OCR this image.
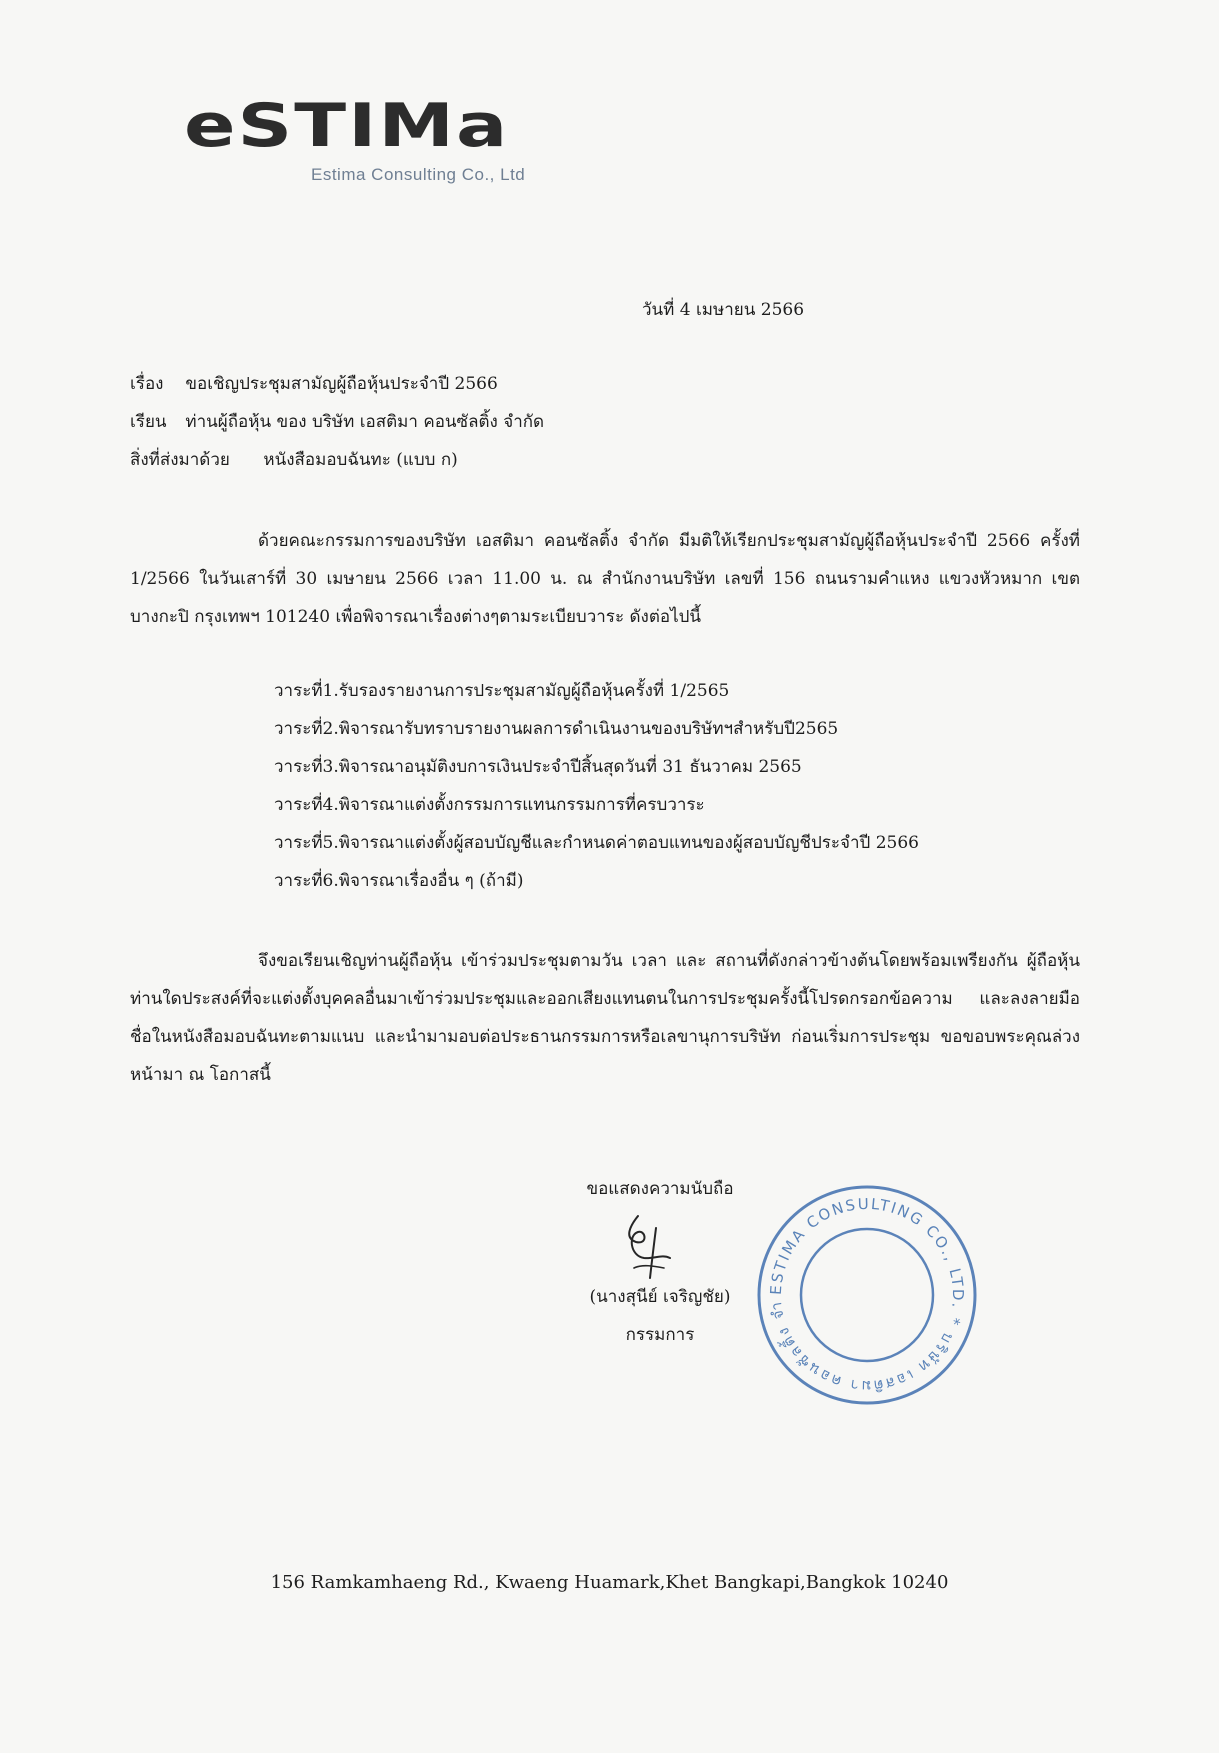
eSTIMa
Estima Consulting Co., Ltd
วันที่ 4 เมษายน 2566
เรื่อง ขอเชิญประชุมสามัญผู้ถือหุ้นประจำปี 2566
เรียน ท่านผู้ถือหุ้น ของ บริษัท เอสติมา คอนซัลติ้ง จำกัด
สิ่งที่ส่งมาด้วย หนังสือมอบฉันทะ (แบบ ก)

ด้วยคณะกรรมการของบริษัท เอสติมา คอนซัลติ้ง จำกัด มีมติให้เรียกประชุมสามัญผู้ถือหุ้นประจำปี 2566 ครั้งที่ 1/2566 ในวันเสาร์ที่ 30 เมษายน 2566 เวลา 11.00 น. ณ สำนักงานบริษัท เลขที่ 156 ถนนรามคำแหง แขวงหัวหมาก เขตบางกะปิ กรุงเทพฯ 101240 เพื่อพิจารณาเรื่องต่างๆตามระเบียบวาระ ดังต่อไปนี้

วาระที่1.รับรองรายงานการประชุมสามัญผู้ถือหุ้นครั้งที่ 1/2565
วาระที่2.พิจารณารับทราบรายงานผลการดำเนินงานของบริษัทฯสำหรับปี2565
วาระที่3.พิจารณาอนุมัติงบการเงินประจำปีสิ้นสุดวันที่ 31 ธันวาคม 2565
วาระที่4.พิจารณาแต่งตั้งกรรมการแทนกรรมการที่ครบวาระ
วาระที่5.พิจารณาแต่งตั้งผู้สอบบัญชีและกำหนดค่าตอบแทนของผู้สอบบัญชีประจำปี 2566
วาระที่6.พิจารณาเรื่องอื่น ๆ (ถ้ามี)

จึงขอเรียนเชิญท่านผู้ถือหุ้น เข้าร่วมประชุมตามวัน เวลา และ สถานที่ดังกล่าวข้างต้นโดยพร้อมเพรียงกัน ผู้ถือหุ้นท่านใดประสงค์ที่จะแต่งตั้งบุคคลอื่นมาเข้าร่วมประชุมและออกเสียงแทนตนในการประชุมครั้งนี้โปรดกรอกข้อความ และลงลายมือชื่อในหนังสือมอบฉันทะตามแนบ และนำมามอบต่อประธานกรรมการหรือเลขานุการบริษัท ก่อนเริ่มการประชุม ขอขอบพระคุณล่วงหน้ามา ณ โอกาสนี้

ขอแสดงความนับถือ
(นางสุนีย์ เจริญชัย)
กรรมการ
ESTIMA CONSULTING CO., LTD. * บริษัท เอสติมา คอนซัลติ้ง จำ
156 Ramkamhaeng Rd., Kwaeng Huamark,Khet Bangkapi,Bangkok 10240
